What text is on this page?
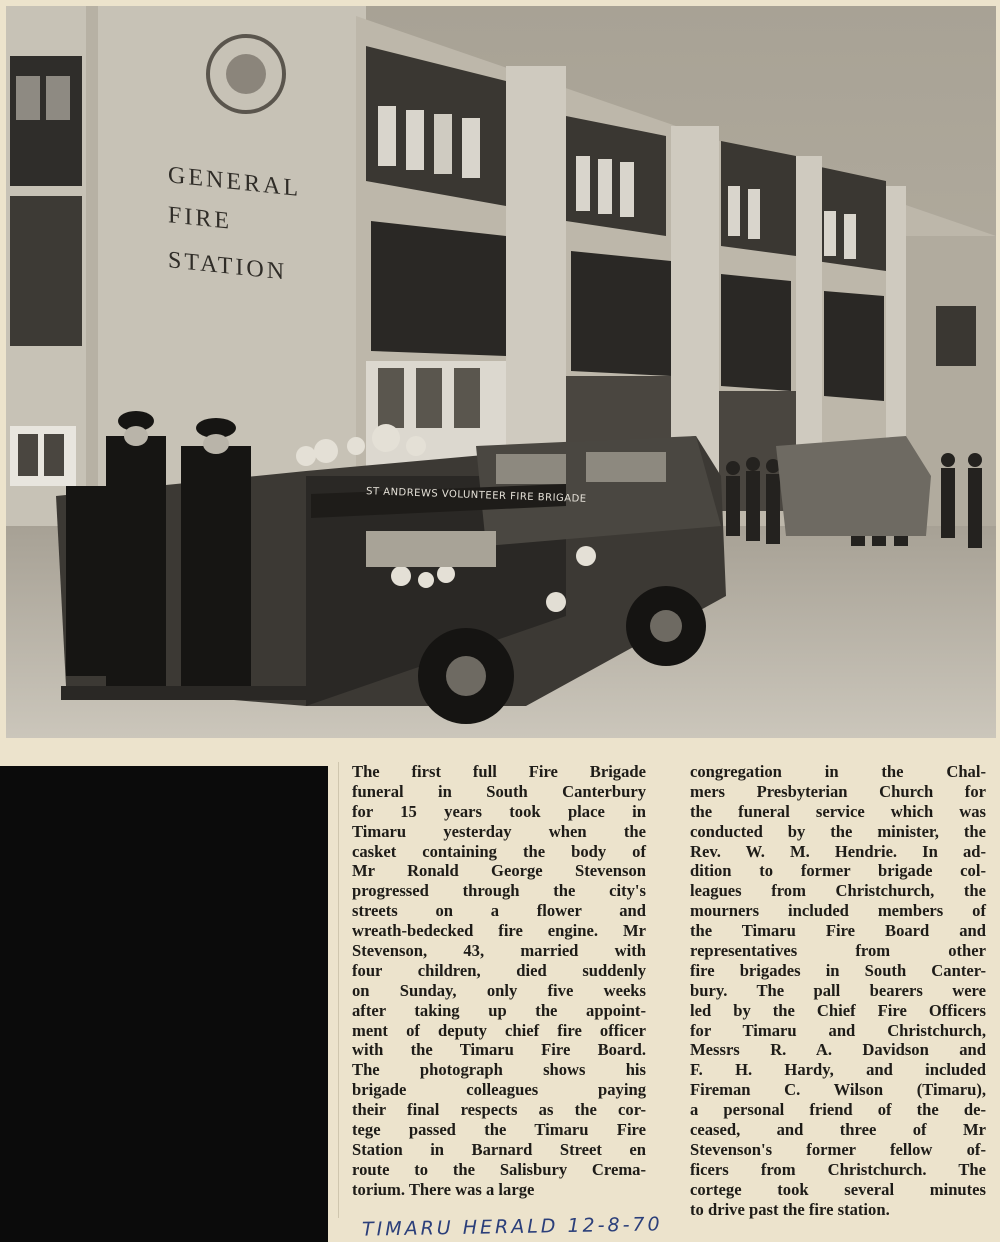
GENERAL
FIRE
STATION
ST ANDREWS VOLUNTEER FIRE BRIGADE
The first full Fire Brigade
funeral in South Canterbury
for 15 years took place in
Timaru yesterday when the
casket containing the body of
Mr Ronald George Stevenson
progressed through the city's
streets on a flower and
wreath-bedecked fire engine. Mr
Stevenson, 43, married with
four children, died suddenly
on Sunday, only five weeks
after taking up the appoint-
ment of deputy chief fire officer
with the Timaru Fire Board.
The photograph shows his
brigade colleagues paying
their final respects as the cor-
tege passed the Timaru Fire
Station in Barnard Street en
route to the Salisbury Crema-
torium. There was a large
congregation in the Chal-
mers Presbyterian Church for
the funeral service which was
conducted by the minister, the
Rev. W. M. Hendrie. In ad-
dition to former brigade col-
leagues from Christchurch, the
mourners included members of
the Timaru Fire Board and
representatives from other
fire brigades in South Canter-
bury. The pall bearers were
led by the Chief Fire Officers
for Timaru and Christchurch,
Messrs R. A. Davidson and
F. H. Hardy, and included
Fireman C. Wilson (Timaru),
a personal friend of the de-
ceased, and three of Mr
Stevenson's former fellow of-
ficers from Christchurch. The
cortege took several minutes
to drive past the fire station.
TIMARU HERALD 12-8-70
